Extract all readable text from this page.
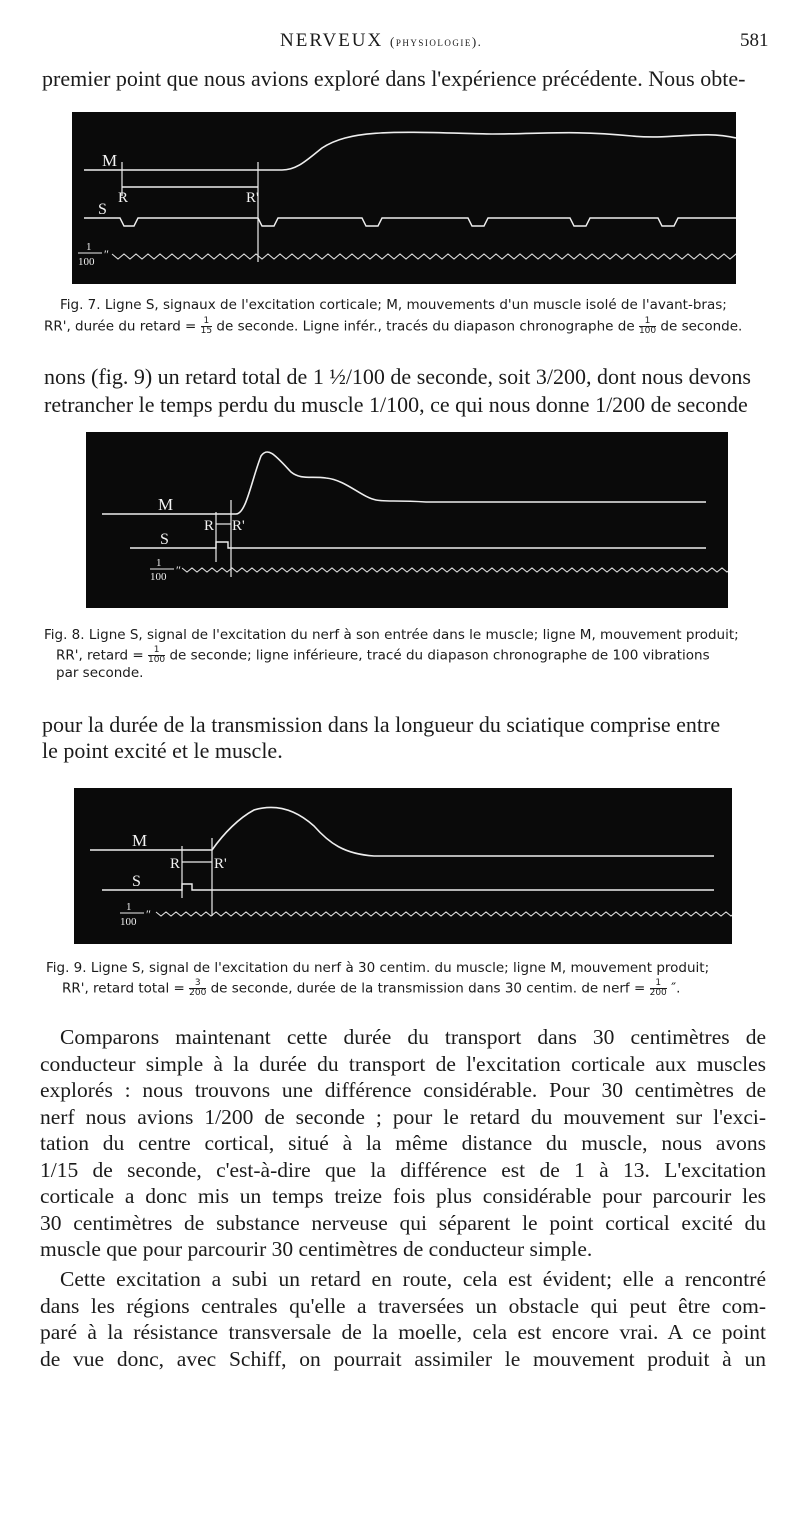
NERVEUX (physiologie).	581
premier point que nous avions exploré dans l'expérience précédente. Nous obte-
M
R	R'
S
1
100
″
Fig. 7. Ligne S, signaux de l'excitation corticale; M, mouvements d'un muscle isolé de l'avant-bras;
RR', durée du retard = $\frac{1}{15}$ de seconde. Ligne infér., tracés du diapason chronographe de $\frac{1}{100}$ de seconde.
nons (fig. 9) un retard total de 1 ½/100 de seconde, soit 3/200, dont nous devons
retrancher le temps perdu du muscle 1/100, ce qui nous donne 1/200 de seconde
M
R R'
S
1
100 ″
Fig. 8. Ligne S, signal de l'excitation du nerf à son entrée dans le muscle; ligne M, mouvement produit;
RR', retard = $\frac{1}{100}$ de seconde; ligne inférieure, tracé du diapason chronographe de 100 vibrations
par seconde.
pour la durée de la transmission dans la longueur du sciatique comprise entre
le point excité et le muscle.
M
R R'
S
1
100
″
Fig. 9. Ligne S, signal de l'excitation du nerf à 30 centim. du muscle; ligne M, mouvement produit;
RR', retard total = $\frac{3}{200}$ de seconde, durée de la transmission dans 30 centim. de nerf = $\frac{1}{200}$ ″.

Comparons maintenant cette durée du transport dans 30 centimètres de

conducteur simple à la durée du transport de l'excitation corticale aux muscles

explorés : nous trouvons une différence considérable. Pour 30 centimètres de

nerf nous avions 1/200 de seconde ; pour le retard du mouvement sur l'exci-

tation du centre cortical, situé à la même distance du muscle, nous avons

1/15 de seconde, c'est-à-dire que la différence est de 1 à 13. L'excitation

corticale a donc mis un temps treize fois plus considérable pour parcourir les

30 centimètres de substance nerveuse qui séparent le point cortical excité du

muscle que pour parcourir 30 centimètres de conducteur simple.

Cette excitation a subi un retard en route, cela est évident; elle a rencontré

dans les régions centrales qu'elle a traversées un obstacle qui peut être com-

paré à la résistance transversale de la moelle, cela est encore vrai. A ce point

de vue donc, avec Schiff, on pourrait assimiler le mouvement produit à un
